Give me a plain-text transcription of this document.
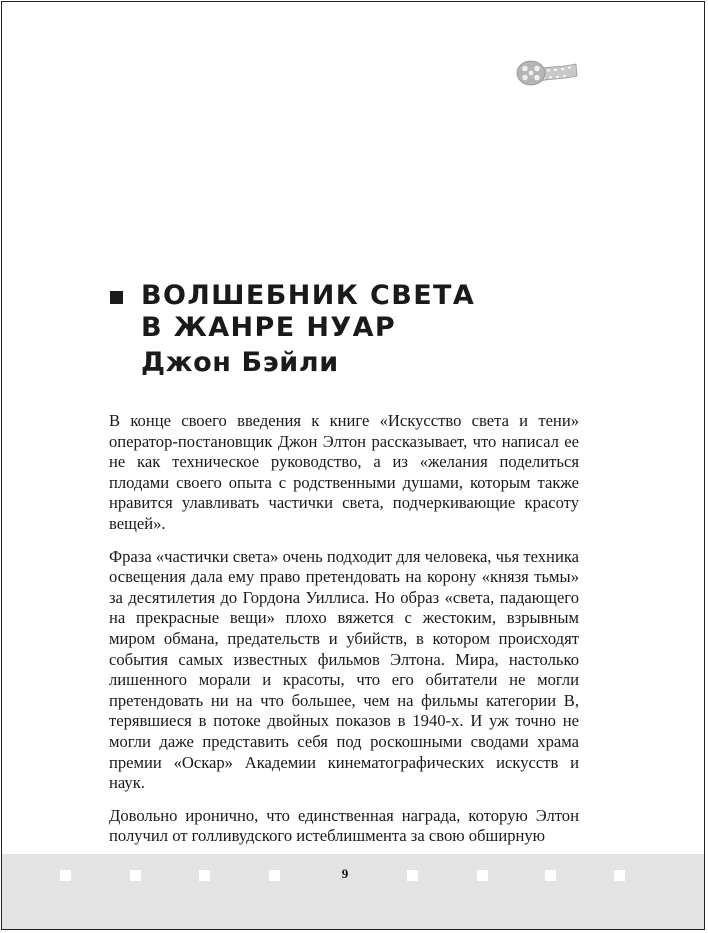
ВОЛШЕБНИК СВЕТА
В ЖАНРЕ НУАР
Джон Бэйли

В конце своего введения к книге «Искусство света и тени» оператор-постановщик Джон Элтон рассказывает, что написал ее не как техническое руководство, а из «желания поделиться плодами своего опыта с родственными душами, которым также нравится улавливать частички света, подчеркивающие красоту вещей».

Фраза «частички света» очень подходит для человека, чья техника освещения дала ему право претендовать на корону «князя тьмы» за десятилетия до Гордона Уиллиса. Но образ «света, падающего на прекрасные вещи» плохо вяжется с жестоким, взрывным миром обмана, предательств и убийств, в котором происходят события самых известных фильмов Элтона. Мира, настолько лишенного морали и красоты, что его обитатели не могли претендовать ни на что большее, чем на фильмы категории B, терявшиеся в потоке двойных показов в 1940-х. И уж точно не могли даже представить себя под роскошными сводами храма премии «Оскар» Академии кинематографических искусств и наук.

Довольно иронично, что единственная награда, которую Элтон получил от голливудского истеблишмента за свою обширную

9
